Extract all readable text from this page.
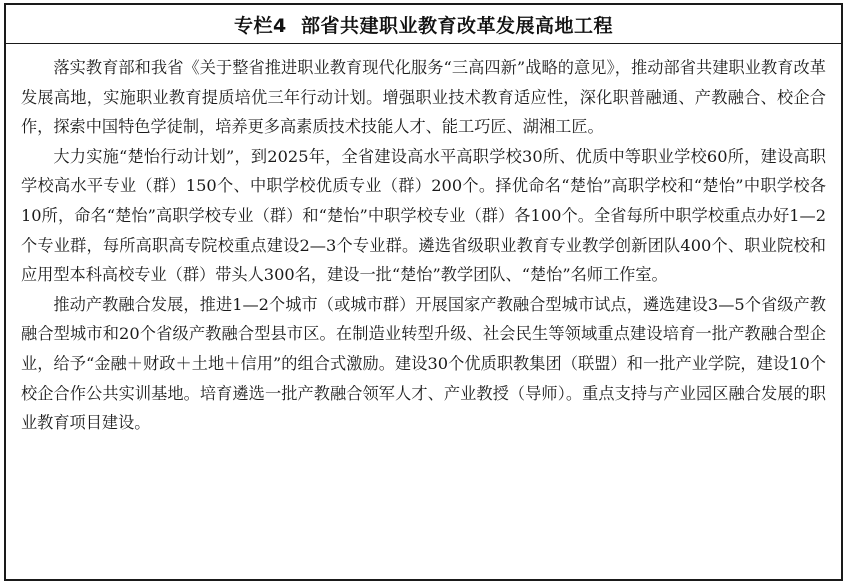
专栏4  部省共建职业教育改革发展高地工程

落实教育部和我省《关于整省推进职业教育现代化服务“三高四新”战略的意见》，推动部省共建职业教育改革发展高地，实施职业教育提质培优三年行动计划。增强职业技术教育适应性，深化职普融通、产教融合、校企合作，探索中国特色学徒制，培养更多高素质技术技能人才、能工巧匠、湖湘工匠。

大力实施“楚怡行动计划”，到2025年，全省建设高水平高职学校30所、优质中等职业学校60所，建设高职学校高水平专业（群）150个、中职学校优质专业（群）200个。择优命名“楚怡”高职学校和“楚怡”中职学校各10所，命名“楚怡”高职学校专业（群）和“楚怡”中职学校专业（群）各100个。全省每所中职学校重点办好1—2个专业群，每所高职高专院校重点建设2—3个专业群。遴选省级职业教育专业教学创新团队400个、职业院校和应用型本科高校专业（群）带头人300名，建设一批“楚怡”教学团队、“楚怡”名师工作室。

推动产教融合发展，推进1—2个城市（或城市群）开展国家产教融合型城市试点，遴选建设3—5个省级产教融合型城市和20个省级产教融合型县市区。在制造业转型升级、社会民生等领域重点建设培育一批产教融合型企业，给予“金融＋财政＋土地＋信用”的组合式激励。建设30个优质职教集团（联盟）和一批产业学院，建设10个校企合作公共实训基地。培育遴选一批产教融合领军人才、产业教授（导师）。重点支持与产业园区融合发展的职业教育项目建设。
